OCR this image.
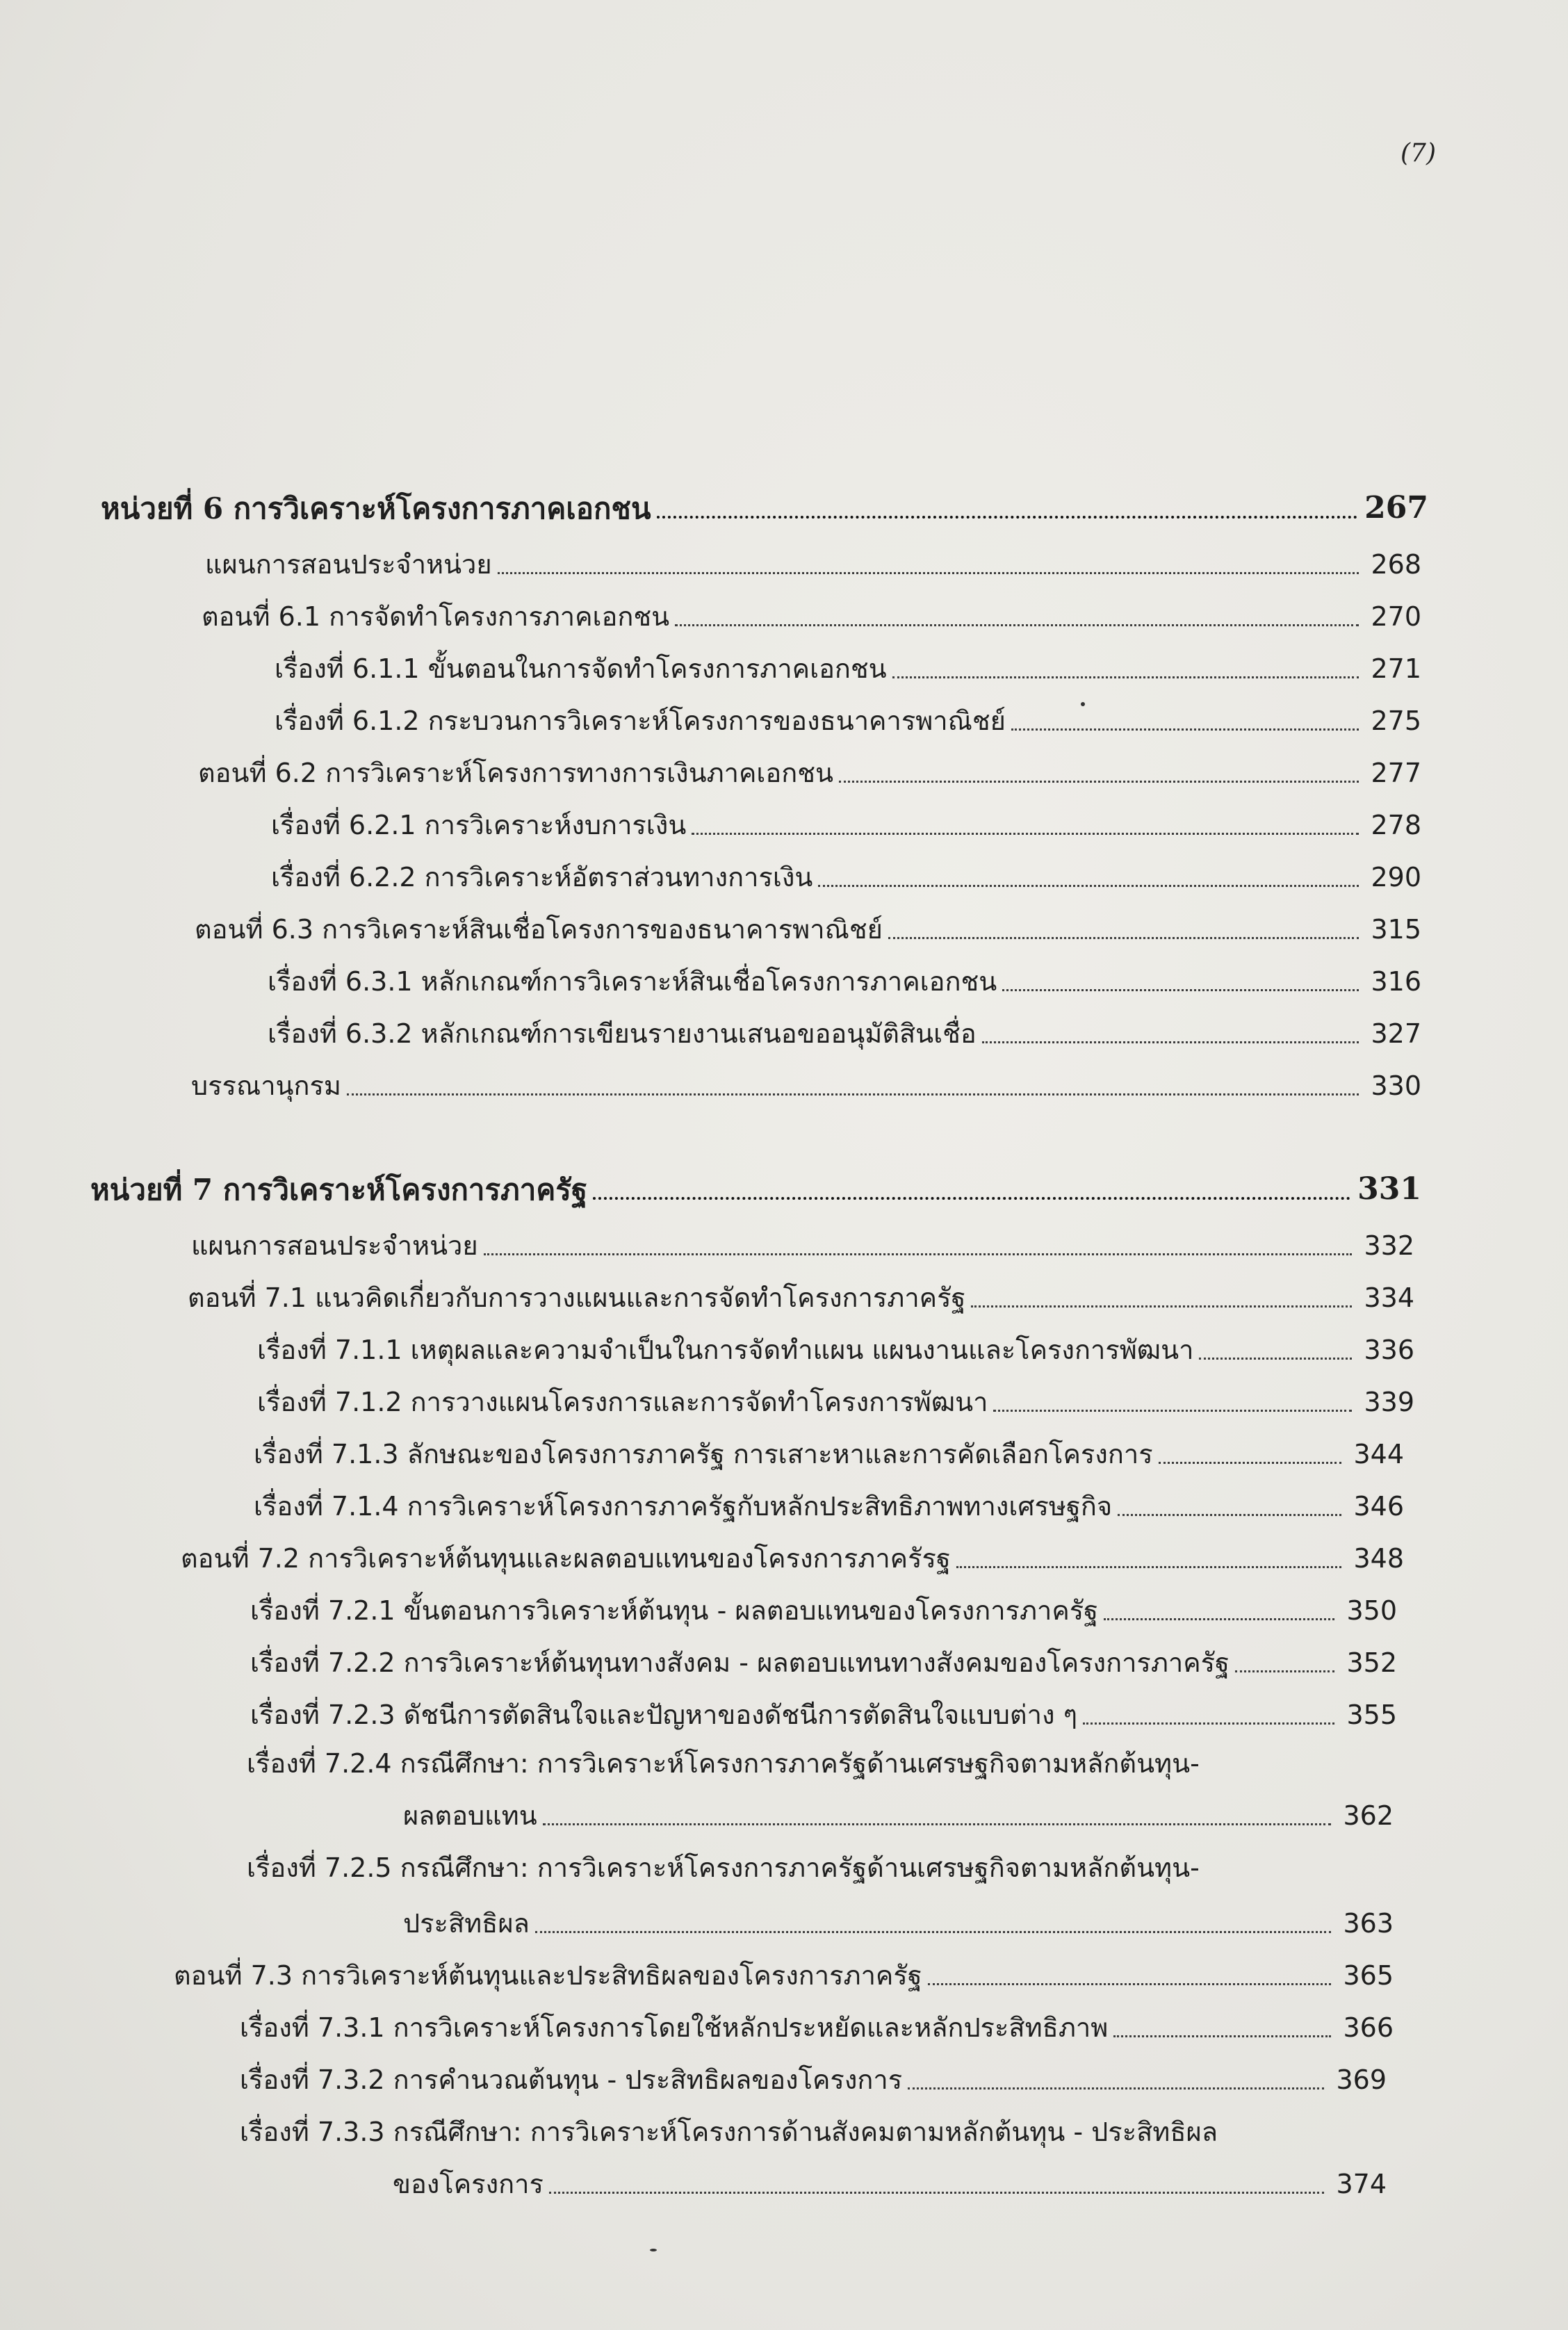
(7)
หน่วยที่ 6 การวิเคราะห์โครงการภาคเอกชน	267
แผนการสอนประจำหน่วย	268
ตอนที่ 6.1 การจัดทำโครงการภาคเอกชน	270
เรื่องที่ 6.1.1 ขั้นตอนในการจัดทำโครงการภาคเอกชน	271
เรื่องที่ 6.1.2 กระบวนการวิเคราะห์โครงการของธนาคารพาณิชย์	275
ตอนที่ 6.2 การวิเคราะห์โครงการทางการเงินภาคเอกชน	277
เรื่องที่ 6.2.1 การวิเคราะห์งบการเงิน	278
เรื่องที่ 6.2.2 การวิเคราะห์อัตราส่วนทางการเงิน	290
ตอนที่ 6.3 การวิเคราะห์สินเชื่อโครงการของธนาคารพาณิชย์	315
เรื่องที่ 6.3.1 หลักเกณฑ์การวิเคราะห์สินเชื่อโครงการภาคเอกชน	316
เรื่องที่ 6.3.2 หลักเกณฑ์การเขียนรายงานเสนอขออนุมัติสินเชื่อ	327
บรรณานุกรม	330
หน่วยที่ 7 การวิเคราะห์โครงการภาครัฐ	331
แผนการสอนประจำหน่วย	332
ตอนที่ 7.1 แนวคิดเกี่ยวกับการวางแผนและการจัดทำโครงการภาครัฐ	334
เรื่องที่ 7.1.1 เหตุผลและความจำเป็นในการจัดทำแผน แผนงานและโครงการพัฒนา	336
เรื่องที่ 7.1.2 การวางแผนโครงการและการจัดทำโครงการพัฒนา	339
เรื่องที่ 7.1.3 ลักษณะของโครงการภาครัฐ การเสาะหาและการคัดเลือกโครงการ	344
เรื่องที่ 7.1.4 การวิเคราะห์โครงการภาครัฐกับหลักประสิทธิภาพทางเศรษฐกิจ	346
ตอนที่ 7.2 การวิเคราะห์ต้นทุนและผลตอบแทนของโครงการภาครัรฐ	348
เรื่องที่ 7.2.1 ขั้นตอนการวิเคราะห์ต้นทุน - ผลตอบแทนของโครงการภาครัฐ	350
เรื่องที่ 7.2.2 การวิเคราะห์ต้นทุนทางสังคม - ผลตอบแทนทางสังคมของโครงการภาครัฐ	352
เรื่องที่ 7.2.3 ดัชนีการตัดสินใจและปัญหาของดัชนีการตัดสินใจแบบต่าง ๆ	355
เรื่องที่ 7.2.4 กรณีศึกษา: การวิเคราะห์โครงการภาครัฐด้านเศรษฐกิจตามหลักต้นทุน-
ผลตอบแทน	362
เรื่องที่ 7.2.5 กรณีศึกษา: การวิเคราะห์โครงการภาครัฐด้านเศรษฐกิจตามหลักต้นทุน-
ประสิทธิผล	363
ตอนที่ 7.3 การวิเคราะห์ต้นทุนและประสิทธิผลของโครงการภาครัฐ	365
เรื่องที่ 7.3.1 การวิเคราะห์โครงการโดยใช้หลักประหยัดและหลักประสิทธิภาพ	366
เรื่องที่ 7.3.2 การคำนวณต้นทุน - ประสิทธิผลของโครงการ	369
เรื่องที่ 7.3.3 กรณีศึกษา: การวิเคราะห์โครงการด้านสังคมตามหลักต้นทุน - ประสิทธิผล
ของโครงการ	374
